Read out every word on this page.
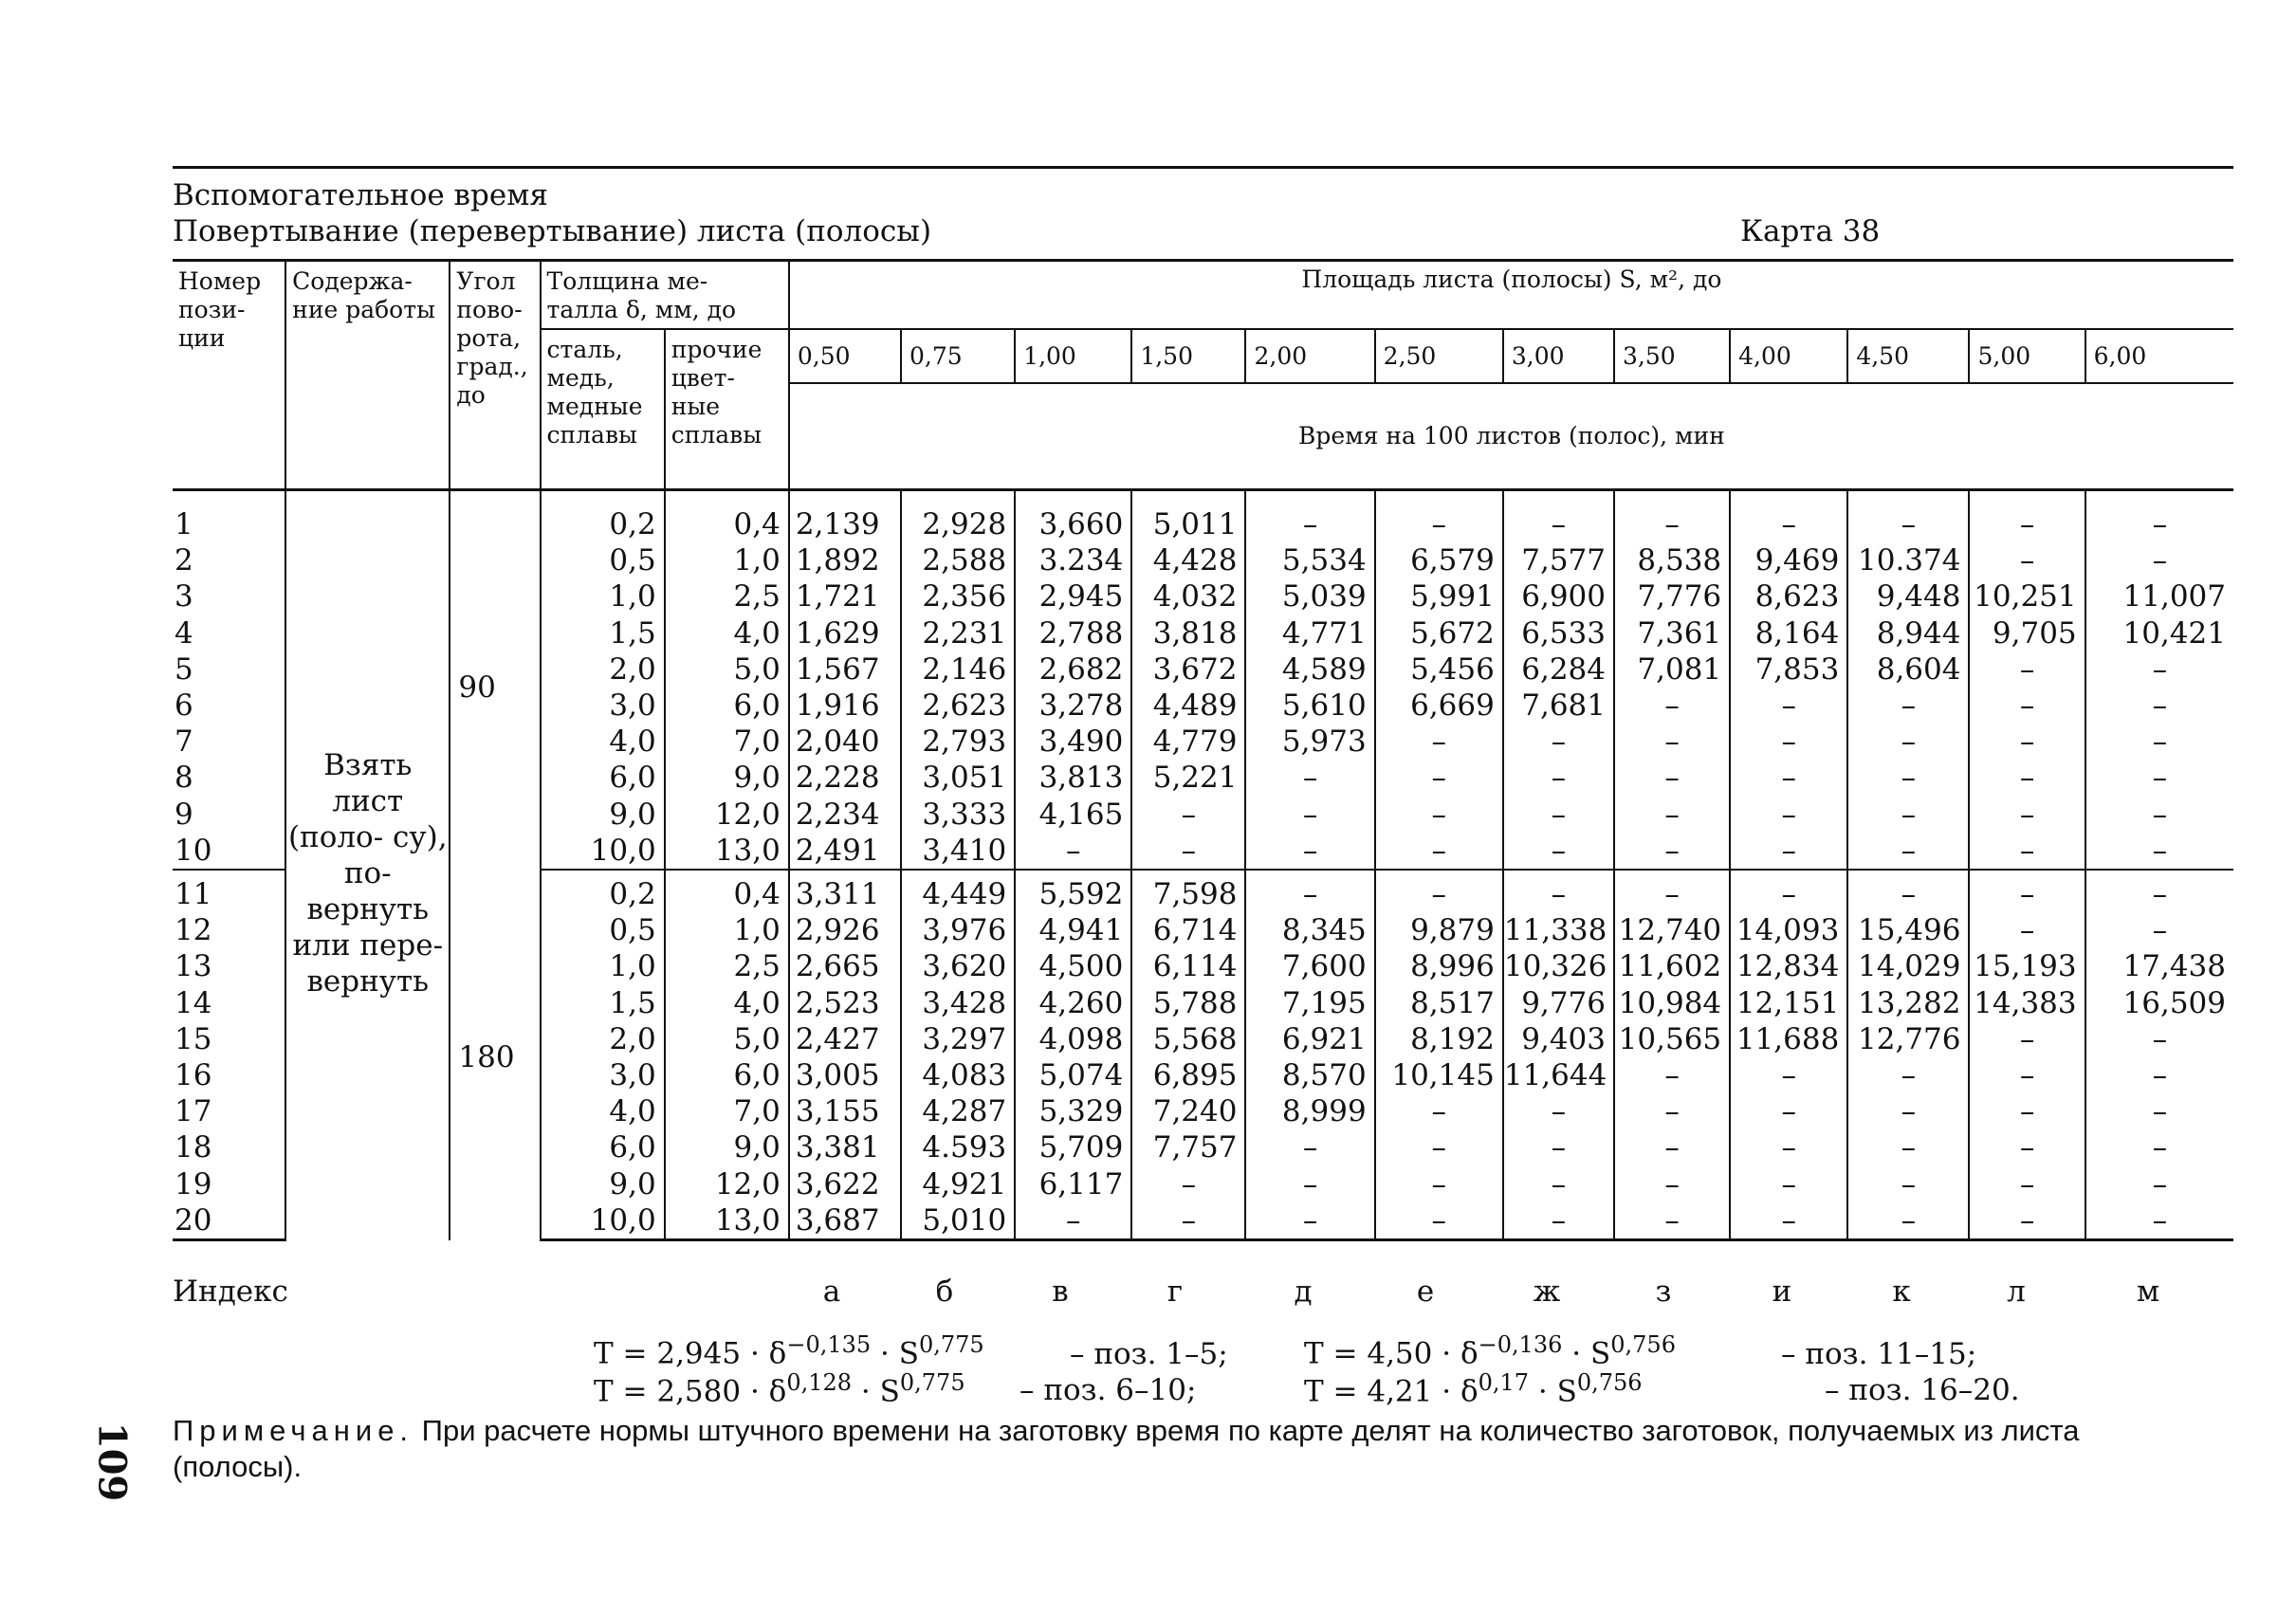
Вспомогательное время
Повертывание (перевертывание) листа (полосы)	Карта 38
Номер пози- ции	Содержа- ние работы	Угол пово- рота, град., до	Толщина ме- талла δ, мм, до		Площадь листа (полосы) S, м², до											
			сталь, медь, медные сплавы	прочие цвет- ные сплавы	0,50	0,75	1,00	1,50	2,00	2,50	3,00	3,50	4,00	4,50	5,00	6,00
					Время на 100 листов (полос), мин											
1	Взять лист (поло- су), по- вернуть или пере- вернуть	90	0,2	0,4	2,139	2,928	3,660	5,011	–	–	–	–	–	–	–	–
2			0,5	1,0	1,892	2,588	3.234	4,428	5,534	6,579	7,577	8,538	9,469	10.374	–	–
3			1,0	2,5	1,721	2,356	2,945	4,032	5,039	5,991	6,900	7,776	8,623	9,448	10,251	11,007
4			1,5	4,0	1,629	2,231	2,788	3,818	4,771	5,672	6,533	7,361	8,164	8,944	9,705	10,421
5			2,0	5,0	1,567	2,146	2,682	3,672	4,589	5,456	6,284	7,081	7,853	8,604	–	–
6			3,0	6,0	1,916	2,623	3,278	4,489	5,610	6,669	7,681	–	–	–	–	–
7			4,0	7,0	2,040	2,793	3,490	4,779	5,973	–	–	–	–	–	–	–
8			6,0	9,0	2,228	3,051	3,813	5,221	–	–	–	–	–	–	–	–
9			9,0	12,0	2,234	3,333	4,165	–	–	–	–	–	–	–	–	–
10			10,0	13,0	2,491	3,410	–	–	–	–	–	–	–	–	–	–
11		180	0,2	0,4	3,311	4,449	5,592	7,598	–	–	–	–	–	–	–	–
12			0,5	1,0	2,926	3,976	4,941	6,714	8,345	9,879	11,338	12,740	14,093	15,496	–	–
13			1,0	2,5	2,665	3,620	4,500	6,114	7,600	8,996	10,326	11,602	12,834	14,029	15,193	17,438
14			1,5	4,0	2,523	3,428	4,260	5,788	7,195	8,517	9,776	10,984	12,151	13,282	14,383	16,509
15			2,0	5,0	2,427	3,297	4,098	5,568	6,921	8,192	9,403	10,565	11,688	12,776	–	–
16			3,0	6,0	3,005	4,083	5,074	6,895	8,570	10,145	11,644	–	–	–	–	–
17			4,0	7,0	3,155	4,287	5,329	7,240	8,999	–	–	–	–	–	–	–
18			6,0	9,0	3,381	4.593	5,709	7,757	–	–	–	–	–	–	–	–
19			9,0	12,0	3,622	4,921	6,117	–	–	–	–	–	–	–	–	–
20			10,0	13,0	3,687	5,010	–	–	–	–	–	–	–	–	–	–
Индекс	а	б	в	г	д	е	ж	з	и	к	л	м
$T = 2,945 \cdot \delta^{-0,135} \cdot S^{0,775}$	– поз. 1–5;
$T = 2,580 \cdot \delta^{0,128} \cdot S^{0,775}$ – поз. 6–10;
$T = 4,50 \cdot \delta^{-0,136} \cdot S^{0,756}$	– поз. 11–15;
$T = 4,21 \cdot \delta^{0,17} \cdot S^{0,756}$	– поз. 16–20.
Примечание. При расчете нормы штучного времени на заготовку время по карте делят на количество заготовок, получаемых из листа (полосы).
109
